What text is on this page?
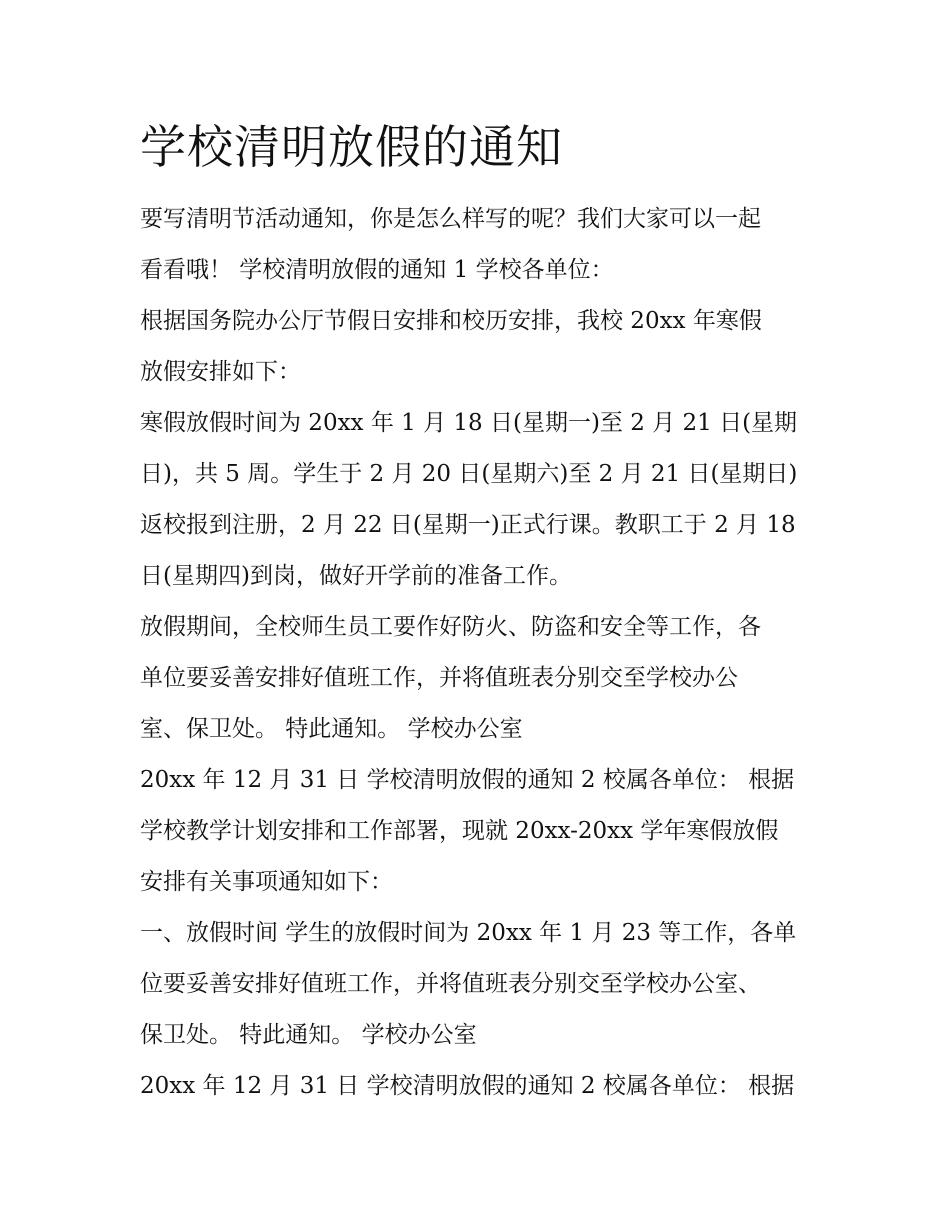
学校清明放假的通知
要写清明节活动通知，你是怎么样写的呢？我们大家可以一起
看看哦！ 学校清明放假的通知 1 学校各单位：
根据国务院办公厅节假日安排和校历安排，我校 20xx 年寒假
放假安排如下：
寒假放假时间为 20xx 年 1 月 18 日(星期一)至 2 月 21 日(星期
日)，共 5 周。学生于 2 月 20 日(星期六)至 2 月 21 日(星期日)
返校报到注册，2 月 22 日(星期一)正式行课。教职工于 2 月 18
日(星期四)到岗，做好开学前的准备工作。
放假期间，全校师生员工要作好防火、防盗和安全等工作，各
单位要妥善安排好值班工作，并将值班表分别交至学校办公
室、保卫处。 特此通知。 学校办公室
20xx 年 12 月 31 日 学校清明放假的通知 2 校属各单位： 根据
学校教学计划安排和工作部署，现就 20xx-20xx 学年寒假放假
安排有关事项通知如下：
一、放假时间 学生的放假时间为 20xx 年 1 月 23 等工作，各单
位要妥善安排好值班工作，并将值班表分别交至学校办公室、
保卫处。 特此通知。 学校办公室
20xx 年 12 月 31 日 学校清明放假的通知 2 校属各单位： 根据
